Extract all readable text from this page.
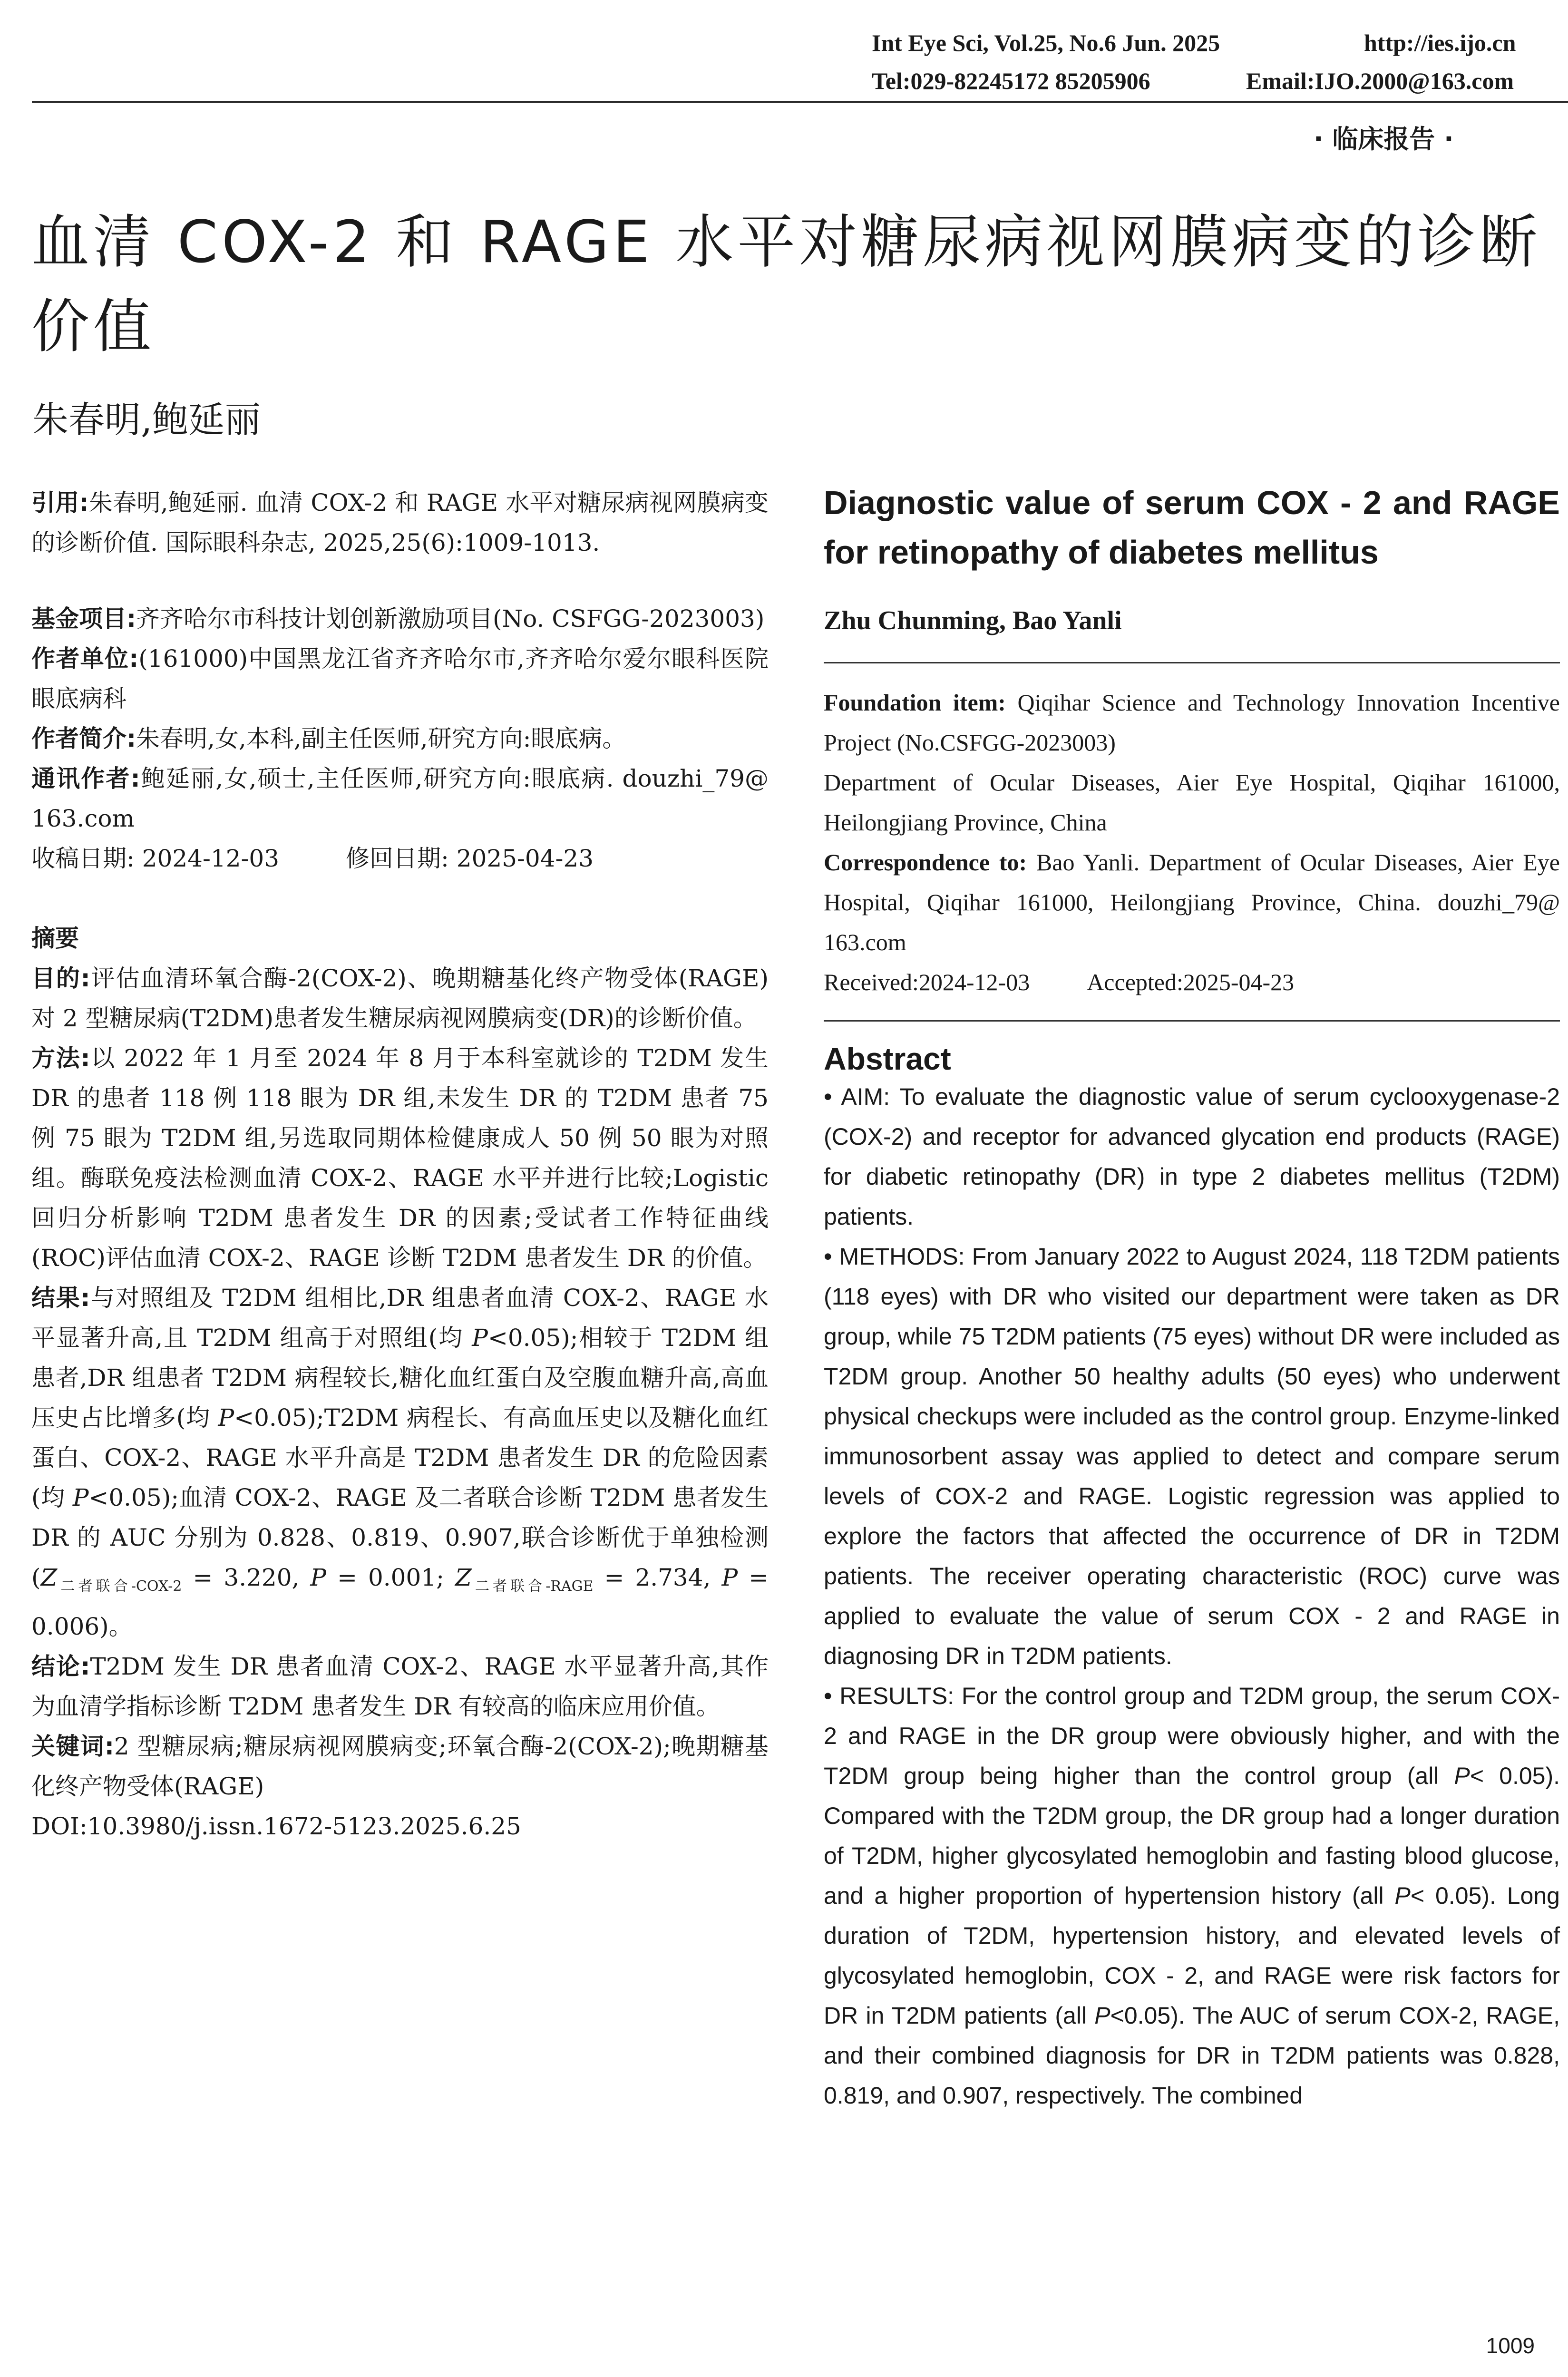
Int Eye Sci, Vol.25, No.6 Jun. 2025	http://ies.ijo.cn
Tel:029-82245172 85205906	Email:IJO.2000@163.com
· 临床报告 ·
血清 COX-2 和 RAGE 水平对糖尿病视网膜病变的诊断价值
朱春明,鲍延丽

引用:朱春明,鲍延丽. 血清 COX-2 和 RAGE 水平对糖尿病视网膜病变的诊断价值. 国际眼科杂志, 2025,25(6):1009-1013.

基金项目:齐齐哈尔市科技计划创新激励项目(No. CSFGG-2023003)

作者单位:(161000)中国黑龙江省齐齐哈尔市,齐齐哈尔爱尔眼科医院眼底病科

作者简介:朱春明,女,本科,副主任医师,研究方向:眼底病。

通讯作者:鲍延丽,女,硕士,主任医师,研究方向:眼底病. douzhi_79@ 163.com

收稿日期: 2024-12-03	修回日期: 2025-04-23

摘要

目的:评估血清环氧合酶-2(COX-2)、晚期糖基化终产物受体(RAGE)对 2 型糖尿病(T2DM)患者发生糖尿病视网膜病变(DR)的诊断价值。

方法:以 2022 年 1 月至 2024 年 8 月于本科室就诊的 T2DM 发生 DR 的患者 118 例 118 眼为 DR 组,未发生 DR 的 T2DM 患者 75 例 75 眼为 T2DM 组,另选取同期体检健康成人 50 例 50 眼为对照组。酶联免疫法检测血清 COX-2、RAGE 水平并进行比较;Logistic 回归分析影响 T2DM 患者发生 DR 的因素;受试者工作特征曲线(ROC)评估血清 COX-2、RAGE 诊断 T2DM 患者发生 DR 的价值。

结果:与对照组及 T2DM 组相比,DR 组患者血清 COX-2、RAGE 水平显著升高,且 T2DM 组高于对照组(均 P<0.05);相较于 T2DM 组患者,DR 组患者 T2DM 病程较长,糖化血红蛋白及空腹血糖升高,高血压史占比增多(均 P<0.05);T2DM 病程长、有高血压史以及糖化血红蛋白、COX-2、RAGE 水平升高是 T2DM 患者发生 DR 的危险因素(均 P<0.05);血清 COX-2、RAGE 及二者联合诊断 T2DM 患者发生 DR 的 AUC 分别为 0.828、0.819、0.907,联合诊断优于单独检测($Z_{二者联合-COX-2} = 3.220$, P = 0.001; $Z_{二者联合-RAGE} = 2.734$, P = 0.006)。

结论:T2DM 发生 DR 患者血清 COX-2、RAGE 水平显著升高,其作为血清学指标诊断 T2DM 患者发生 DR 有较高的临床应用价值。

关键词:2 型糖尿病;糖尿病视网膜病变;环氧合酶-2(COX-2);晚期糖基化终产物受体(RAGE)

DOI:10.3980/j.issn.1672-5123.2025.6.25

Diagnostic value of serum COX - 2 and RAGE for retinopathy of diabetes mellitus
Zhu Chunming, Bao Yanli

Foundation item: Qiqihar Science and Technology Innovation Incentive Project (No.CSFGG-2023003)

Department of Ocular Diseases, Aier Eye Hospital, Qiqihar 161000, Heilongjiang Province, China

Correspondence to: Bao Yanli. Department of Ocular Diseases, Aier Eye Hospital, Qiqihar 161000, Heilongjiang Province, China. douzhi_79@ 163.com

Received:2024-12-03 Accepted:2025-04-23

Abstract

• AIM: To evaluate the diagnostic value of serum cyclooxygenase-2 (COX-2) and receptor for advanced glycation end products (RAGE) for diabetic retinopathy (DR) in type 2 diabetes mellitus (T2DM) patients.

• METHODS: From January 2022 to August 2024, 118 T2DM patients (118 eyes) with DR who visited our department were taken as DR group, while 75 T2DM patients (75 eyes) without DR were included as T2DM group. Another 50 healthy adults (50 eyes) who underwent physical checkups were included as the control group. Enzyme-linked immunosorbent assay was applied to detect and compare serum levels of COX-2 and RAGE. Logistic regression was applied to explore the factors that affected the occurrence of DR in T2DM patients. The receiver operating characteristic (ROC) curve was applied to evaluate the value of serum COX - 2 and RAGE in diagnosing DR in T2DM patients.

• RESULTS: For the control group and T2DM group, the serum COX-2 and RAGE in the DR group were obviously higher, and with the T2DM group being higher than the control group (all P< 0.05). Compared with the T2DM group, the DR group had a longer duration of T2DM, higher glycosylated hemoglobin and fasting blood glucose, and a higher proportion of hypertension history (all P< 0.05). Long duration of T2DM, hypertension history, and elevated levels of glycosylated hemoglobin, COX - 2, and RAGE were risk factors for DR in T2DM patients (all P<0.05). The AUC of serum COX-2, RAGE, and their combined diagnosis for DR in T2DM patients was 0.828, 0.819, and 0.907, respectively. The combined

1009
